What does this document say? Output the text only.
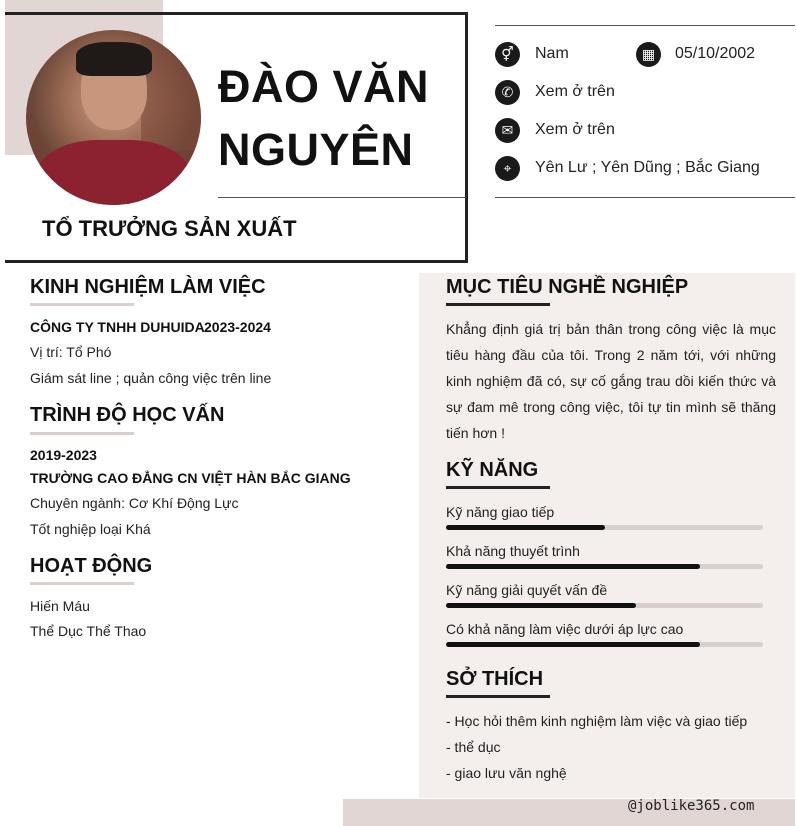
ĐÀO VĂN
NGUYÊN
TỔ TRƯỞNG SẢN XUẤT
⚥	Nam	▦	05/10/2002
✆	Xem ở trên
✉	Xem ở trên
⌖	Yên Lư ; Yên Dũng ; Bắc Giang
KINH NGHIỆM LÀM VIỆC
CÔNG TY TNHH DUHUIDA 2023-2024
Vị trí: Tổ Phó
Giám sát line ; quản công việc trên line
TRÌNH ĐỘ HỌC VẤN
2019-2023
TRƯỜNG CAO ĐẲNG CN VIỆT HÀN BẮC GIANG
Chuyên ngành: Cơ Khí Động Lực
Tốt nghiệp loại Khá
HOẠT ĐỘNG
Hiến Máu
Thể Dục Thể Thao
MỤC TIÊU NGHỀ NGHIỆP
Khẳng định giá trị bản thân trong công việc là mục tiêu hàng đầu của tôi. Trong 2 năm tới, với những kinh nghiệm đã có, sự cố gắng trau dồi kiến thức và sự đam mê trong công việc, tôi tự tin mình sẽ thăng tiến hơn !
KỸ NĂNG
Kỹ năng giao tiếp
Khả năng thuyết trình
Kỹ năng giải quyết vấn đề
Có khả năng làm việc dưới áp lực cao
SỞ THÍCH
- Học hỏi thêm kinh nghiệm làm việc và giao tiếp
- thể dục
- giao lưu văn nghệ
@joblike365.com
